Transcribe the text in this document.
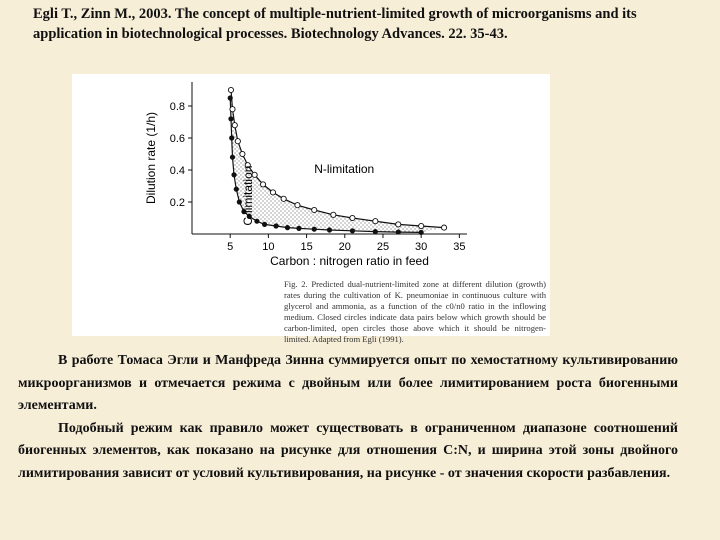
Egli T., Zinn M., 2003. The concept of multiple-nutrient-limited growth of microorganisms and its application in biotechnological processes. Biotechnology Advances. 22. 35-43.
5	10 15 20 25 30 35
0.2
0.4
0.6
0.8
Carbon : nitrogen ratio in feed
Dilution rate (1/h)	N-limitation
C-limitation
Fig. 2. Predicted dual-nutrient-limited zone at different dilution (growth) rates during the cultivation of K. pneumoniae in continuous culture with glycerol and ammonia, as a function of the c0/n0 ratio in the inflowing medium. Closed circles indicate data pairs below which growth should be carbon-limited, open circles those above which it should be nitrogen-limited. Adapted from Egli (1991).

В работе Томаса Эгли и Манфреда Зинна суммируется опыт по хемостатному культивированию микроорганизмов и отмечается режима с двойным или более лимитированием роста биогенными элементами.

Подобный режим как правило может существовать в ограниченном диапазоне соотношений биогенных элементов, как показано на рисунке для отношения C:N, и ширина этой зоны двойного лимитирования зависит от условий культивирования, на рисунке - от значения скорости разбавления.
